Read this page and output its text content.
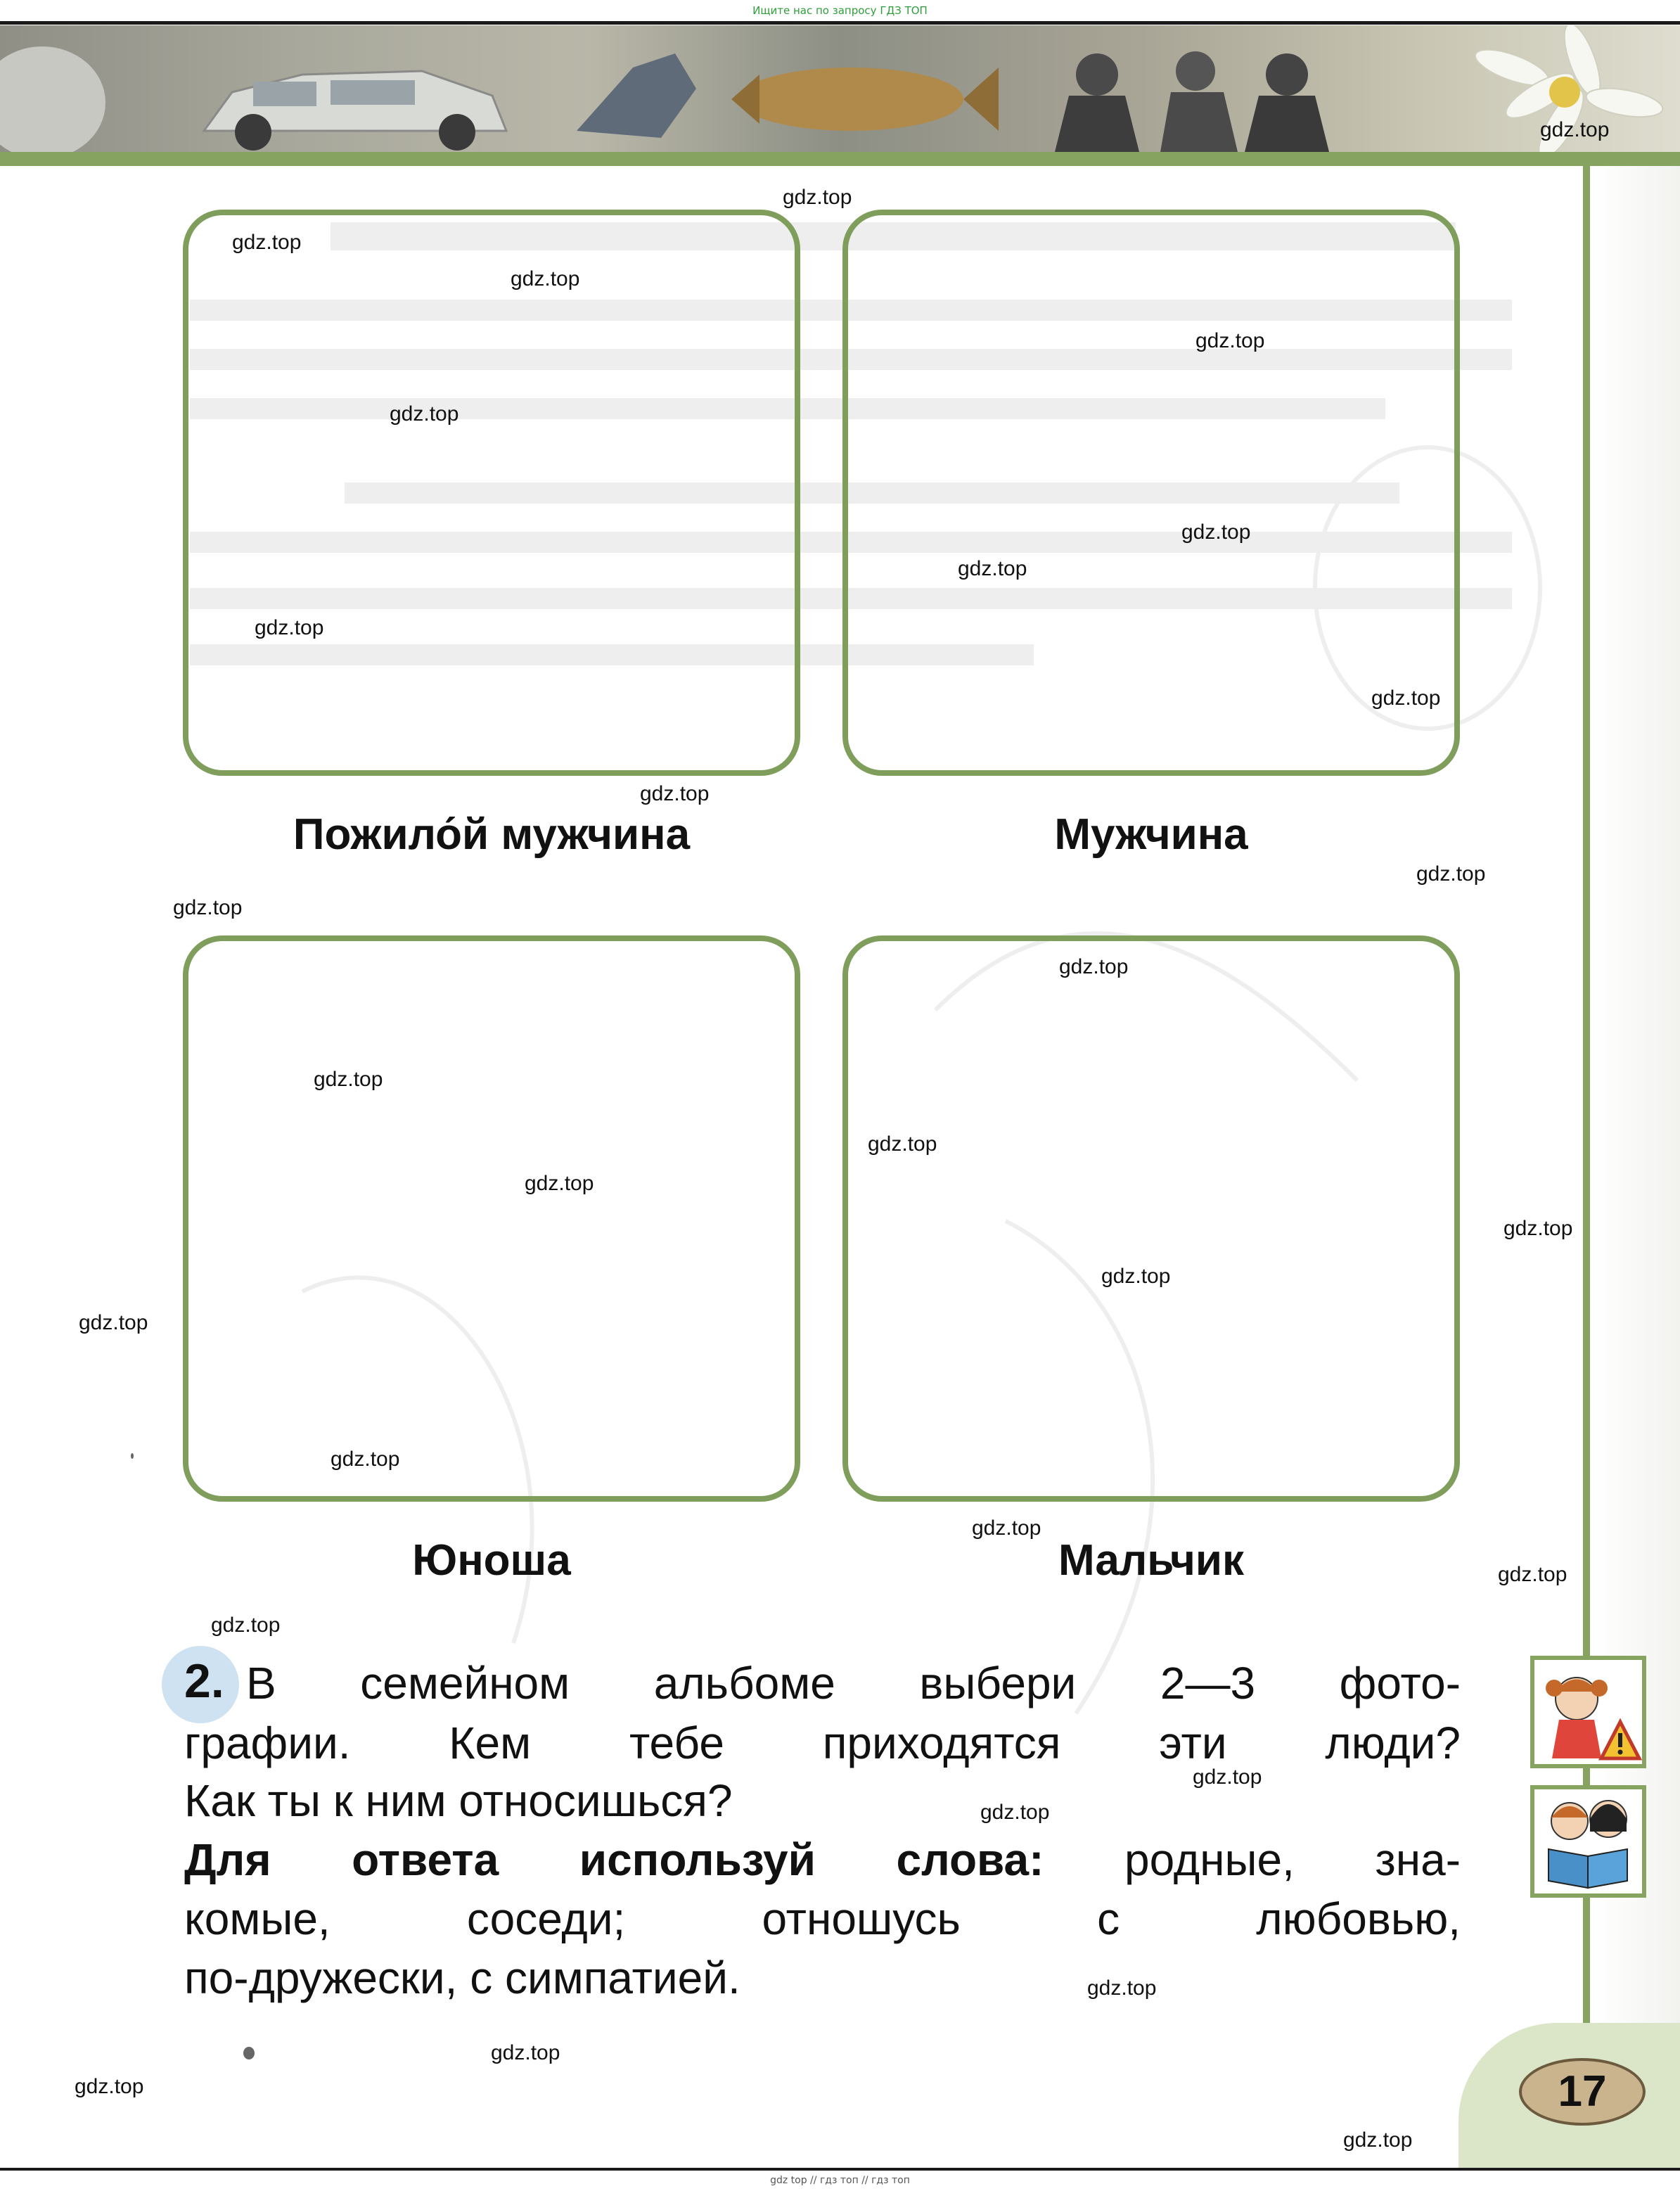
Ищите нас по запросу ГДЗ ТОП
Пожило́й мужчина	Мужчина
Юноша	Мальчик
2. В семейном альбоме выбери 2—3 фото-
графии. Кем тебе приходятся эти люди?
Как ты к ним относишься?
Для ответа используй слова: родные, зна-
комые, соседи; отношусь с любовью,
по-дружески, с симпатией.
17
gdz.top
gdz.top
gdz.top
gdz.top
gdz.top
gdz.top
gdz.top
gdz.top
gdz.top
gdz.top
gdz.top
gdz.top
gdz.top
gdz.top
gdz.top
gdz.top
gdz.top
gdz.top
gdz.top
gdz.top
gdz.top
gdz.top
gdz.top
gdz.top
gdz.top
gdz.top
gdz.top
gdz.top
gdz.top
gdz.top
gdz top // гдз топ // гдз топ
